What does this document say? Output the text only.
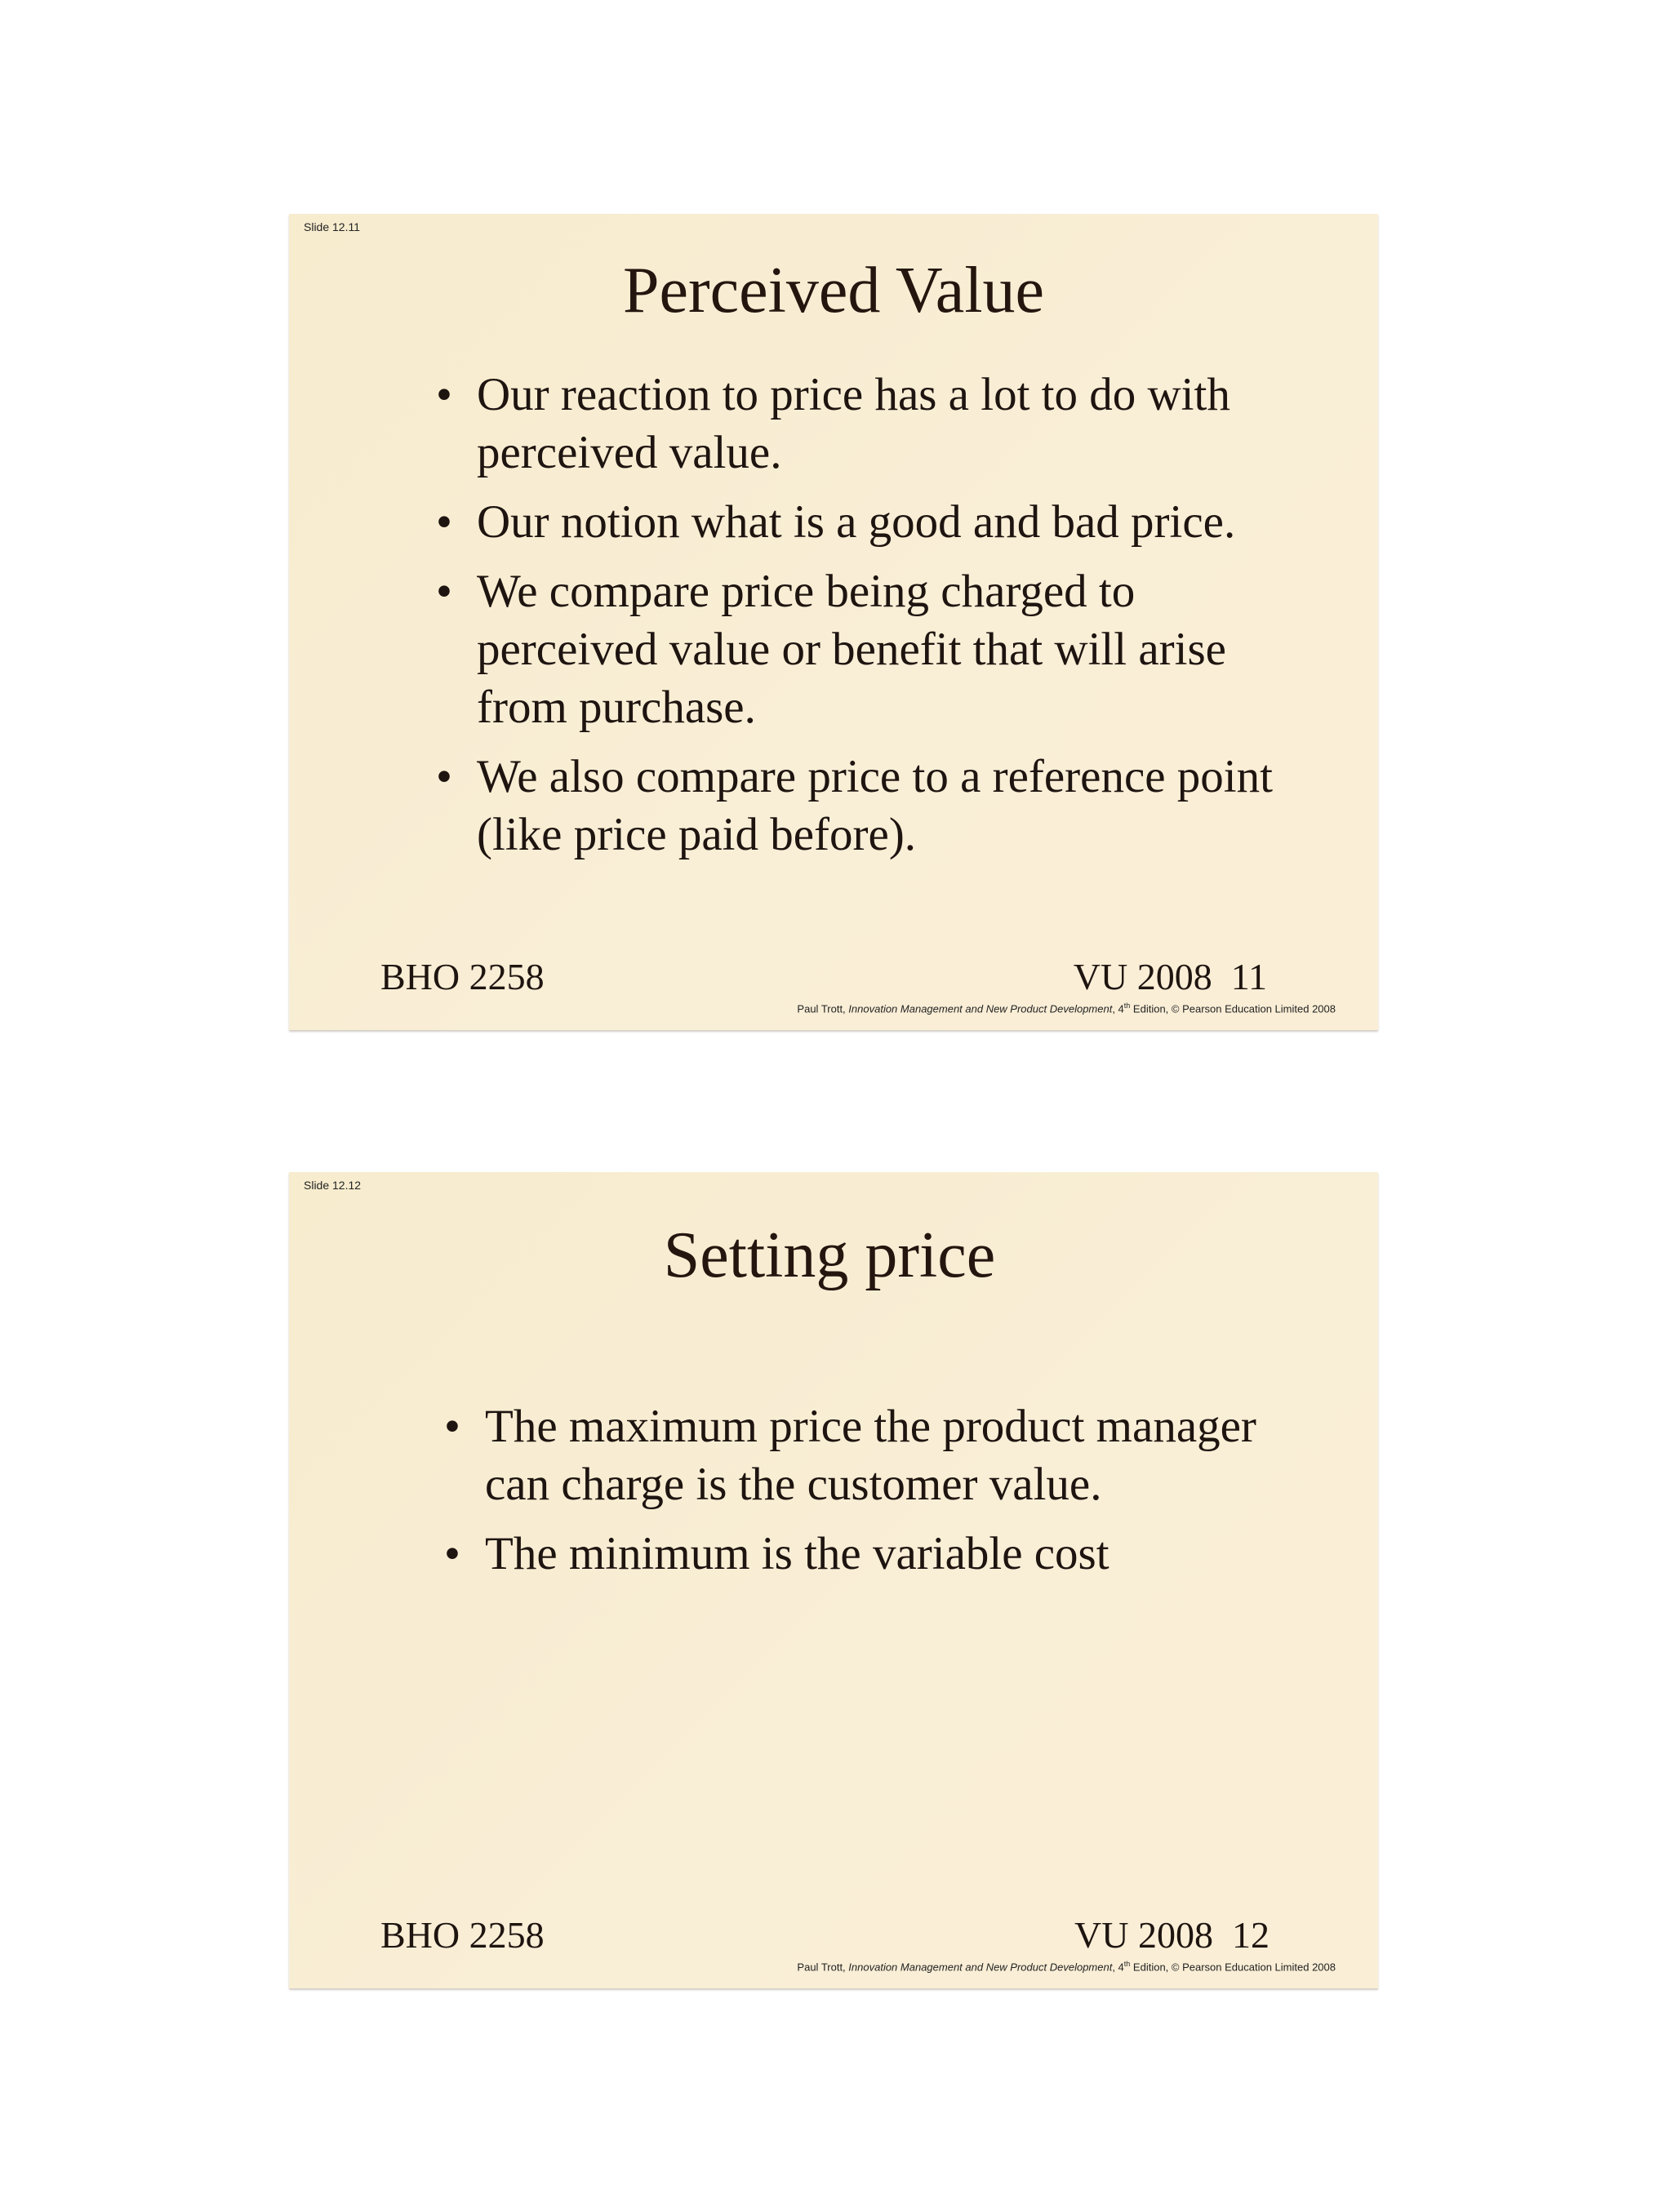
Slide 12.11
Perceived Value
• Our reaction to price has a lot to do with perceived value.
• Our notion what is a good and bad price.
• We compare price being charged to perceived value or benefit that will arise from purchase.
• We also compare price to a reference point (like price paid before).
BHO 2258	VU 2008  11
Paul Trott, Innovation Management and New Product Development, 4th Edition, © Pearson Education Limited 2008
Slide 12.12
Setting price
• The maximum price the product manager can charge is the customer value.
• The minimum is the variable cost
BHO 2258	VU 2008  12
Paul Trott, Innovation Management and New Product Development, 4th Edition, © Pearson Education Limited 2008
